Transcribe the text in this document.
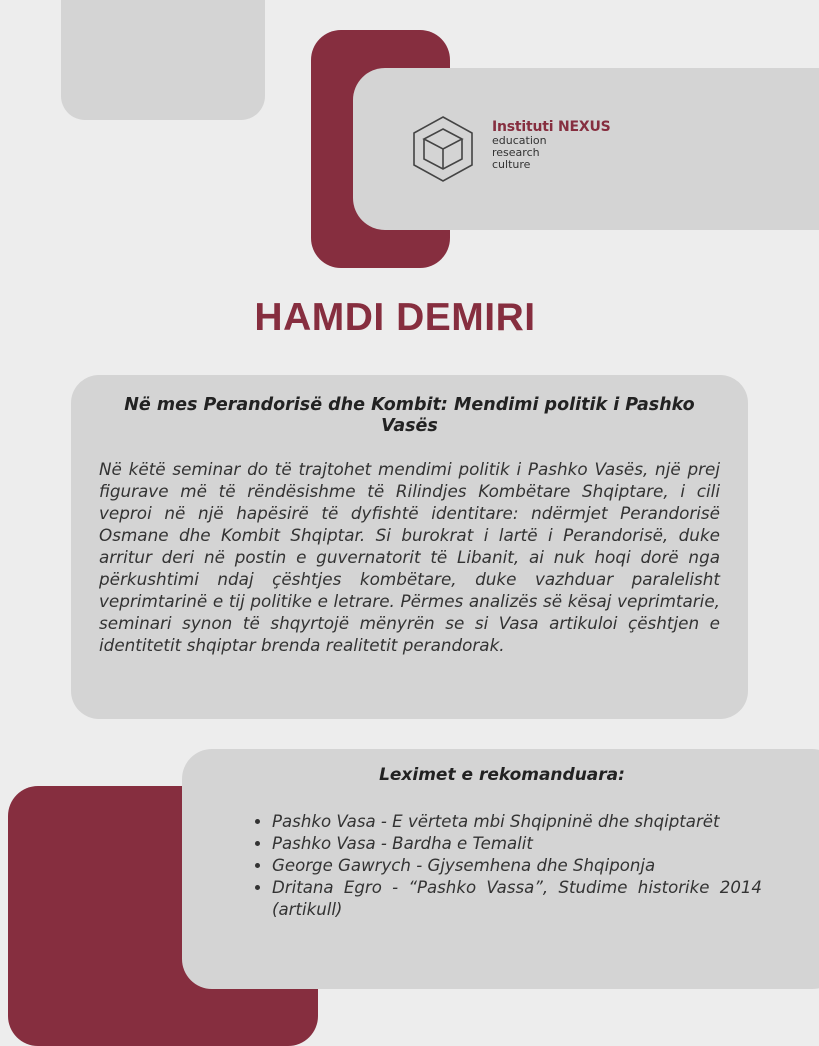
Instituti NEXUS
education
research
culture
HAMDI DEMIRI
Në mes Perandorisë dhe Kombit: Mendimi politik i Pashko Vasës
Në këtë seminar do të trajtohet mendimi politik i Pashko Vasës, një prej figurave më të rëndësishme të Rilindjes Kombëtare Shqiptare, i cili veproi në një hapësirë të dyfishtë identitare: ndërmjet Perandorisë Osmane dhe Kombit Shqiptar. Si burokrat i lartë i Perandorisë, duke arritur deri në postin e guvernatorit të Libanit, ai nuk hoqi dorë nga përkushtimi ndaj çështjes kombëtare, duke vazhduar paralelisht veprimtarinë e tij politike e letrare. Përmes analizës së kësaj veprimtarie, seminari synon të shqyrtojë mënyrën se si Vasa artikuloi çështjen e identitetit shqiptar brenda realitetit perandorak.
Leximet e rekomanduara:
• Pashko Vasa - E vërteta mbi Shqipninë dhe shqiptarët
• Pashko Vasa - Bardha e Temalit
• George Gawrych - Gjysemhena dhe Shqiponja
• Dritana Egro - “Pashko Vassa”, Studime historike 2014 (artikull)
